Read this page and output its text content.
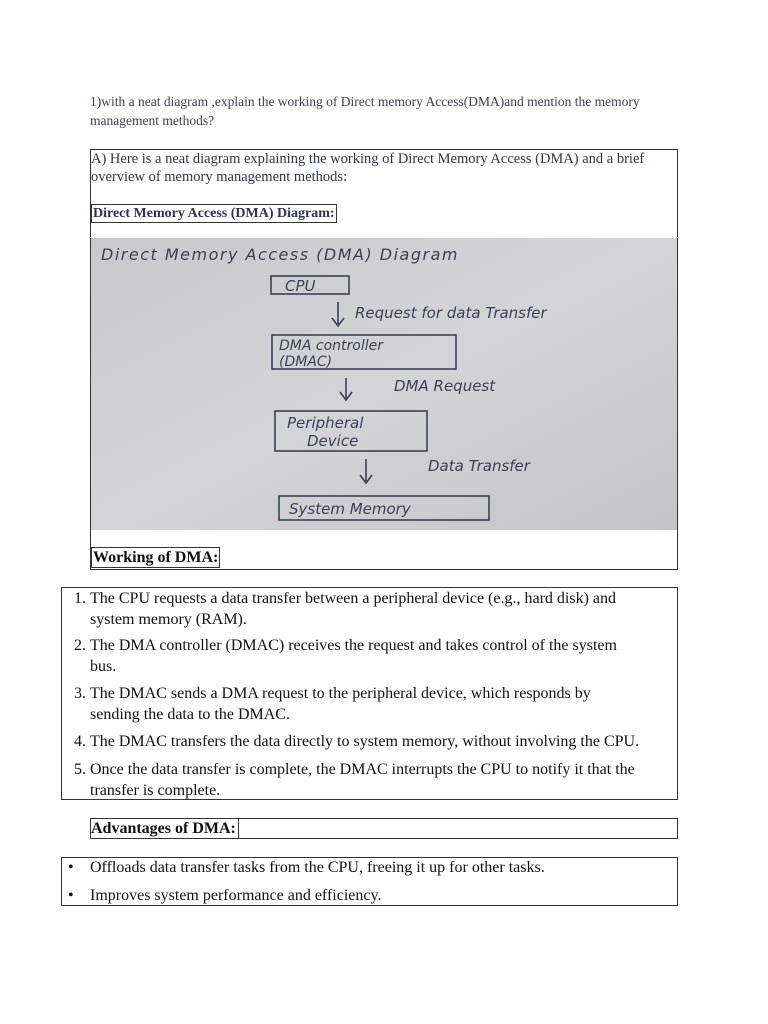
1)with a neat diagram ,explain the working of Direct memory Access(DMA)and mention the memory management methods?
A) Here is a neat diagram explaining the working of Direct Memory Access (DMA) and a brief overview of memory management methods:
Direct Memory Access (DMA) Diagram:
Direct Memory Access (DMA) Diagram
CPU
Request for data Transfer
DMA controller
(DMAC)
DMA Request
Peripheral
Device
Data Transfer
System Memory
Working of DMA:
1. The CPU requests a data transfer between a peripheral device (e.g., hard disk) and
system memory (RAM).
2. The DMA controller (DMAC) receives the request and takes control of the system
bus.
3. The DMAC sends a DMA request to the peripheral device, which responds by
sending the data to the DMAC.
4. The DMAC transfers the data directly to system memory, without involving the CPU.
5. Once the data transfer is complete, the DMAC interrupts the CPU to notify it that the
transfer is complete.
Advantages of DMA:
• Offloads data transfer tasks from the CPU, freeing it up for other tasks.
• Improves system performance and efficiency.
